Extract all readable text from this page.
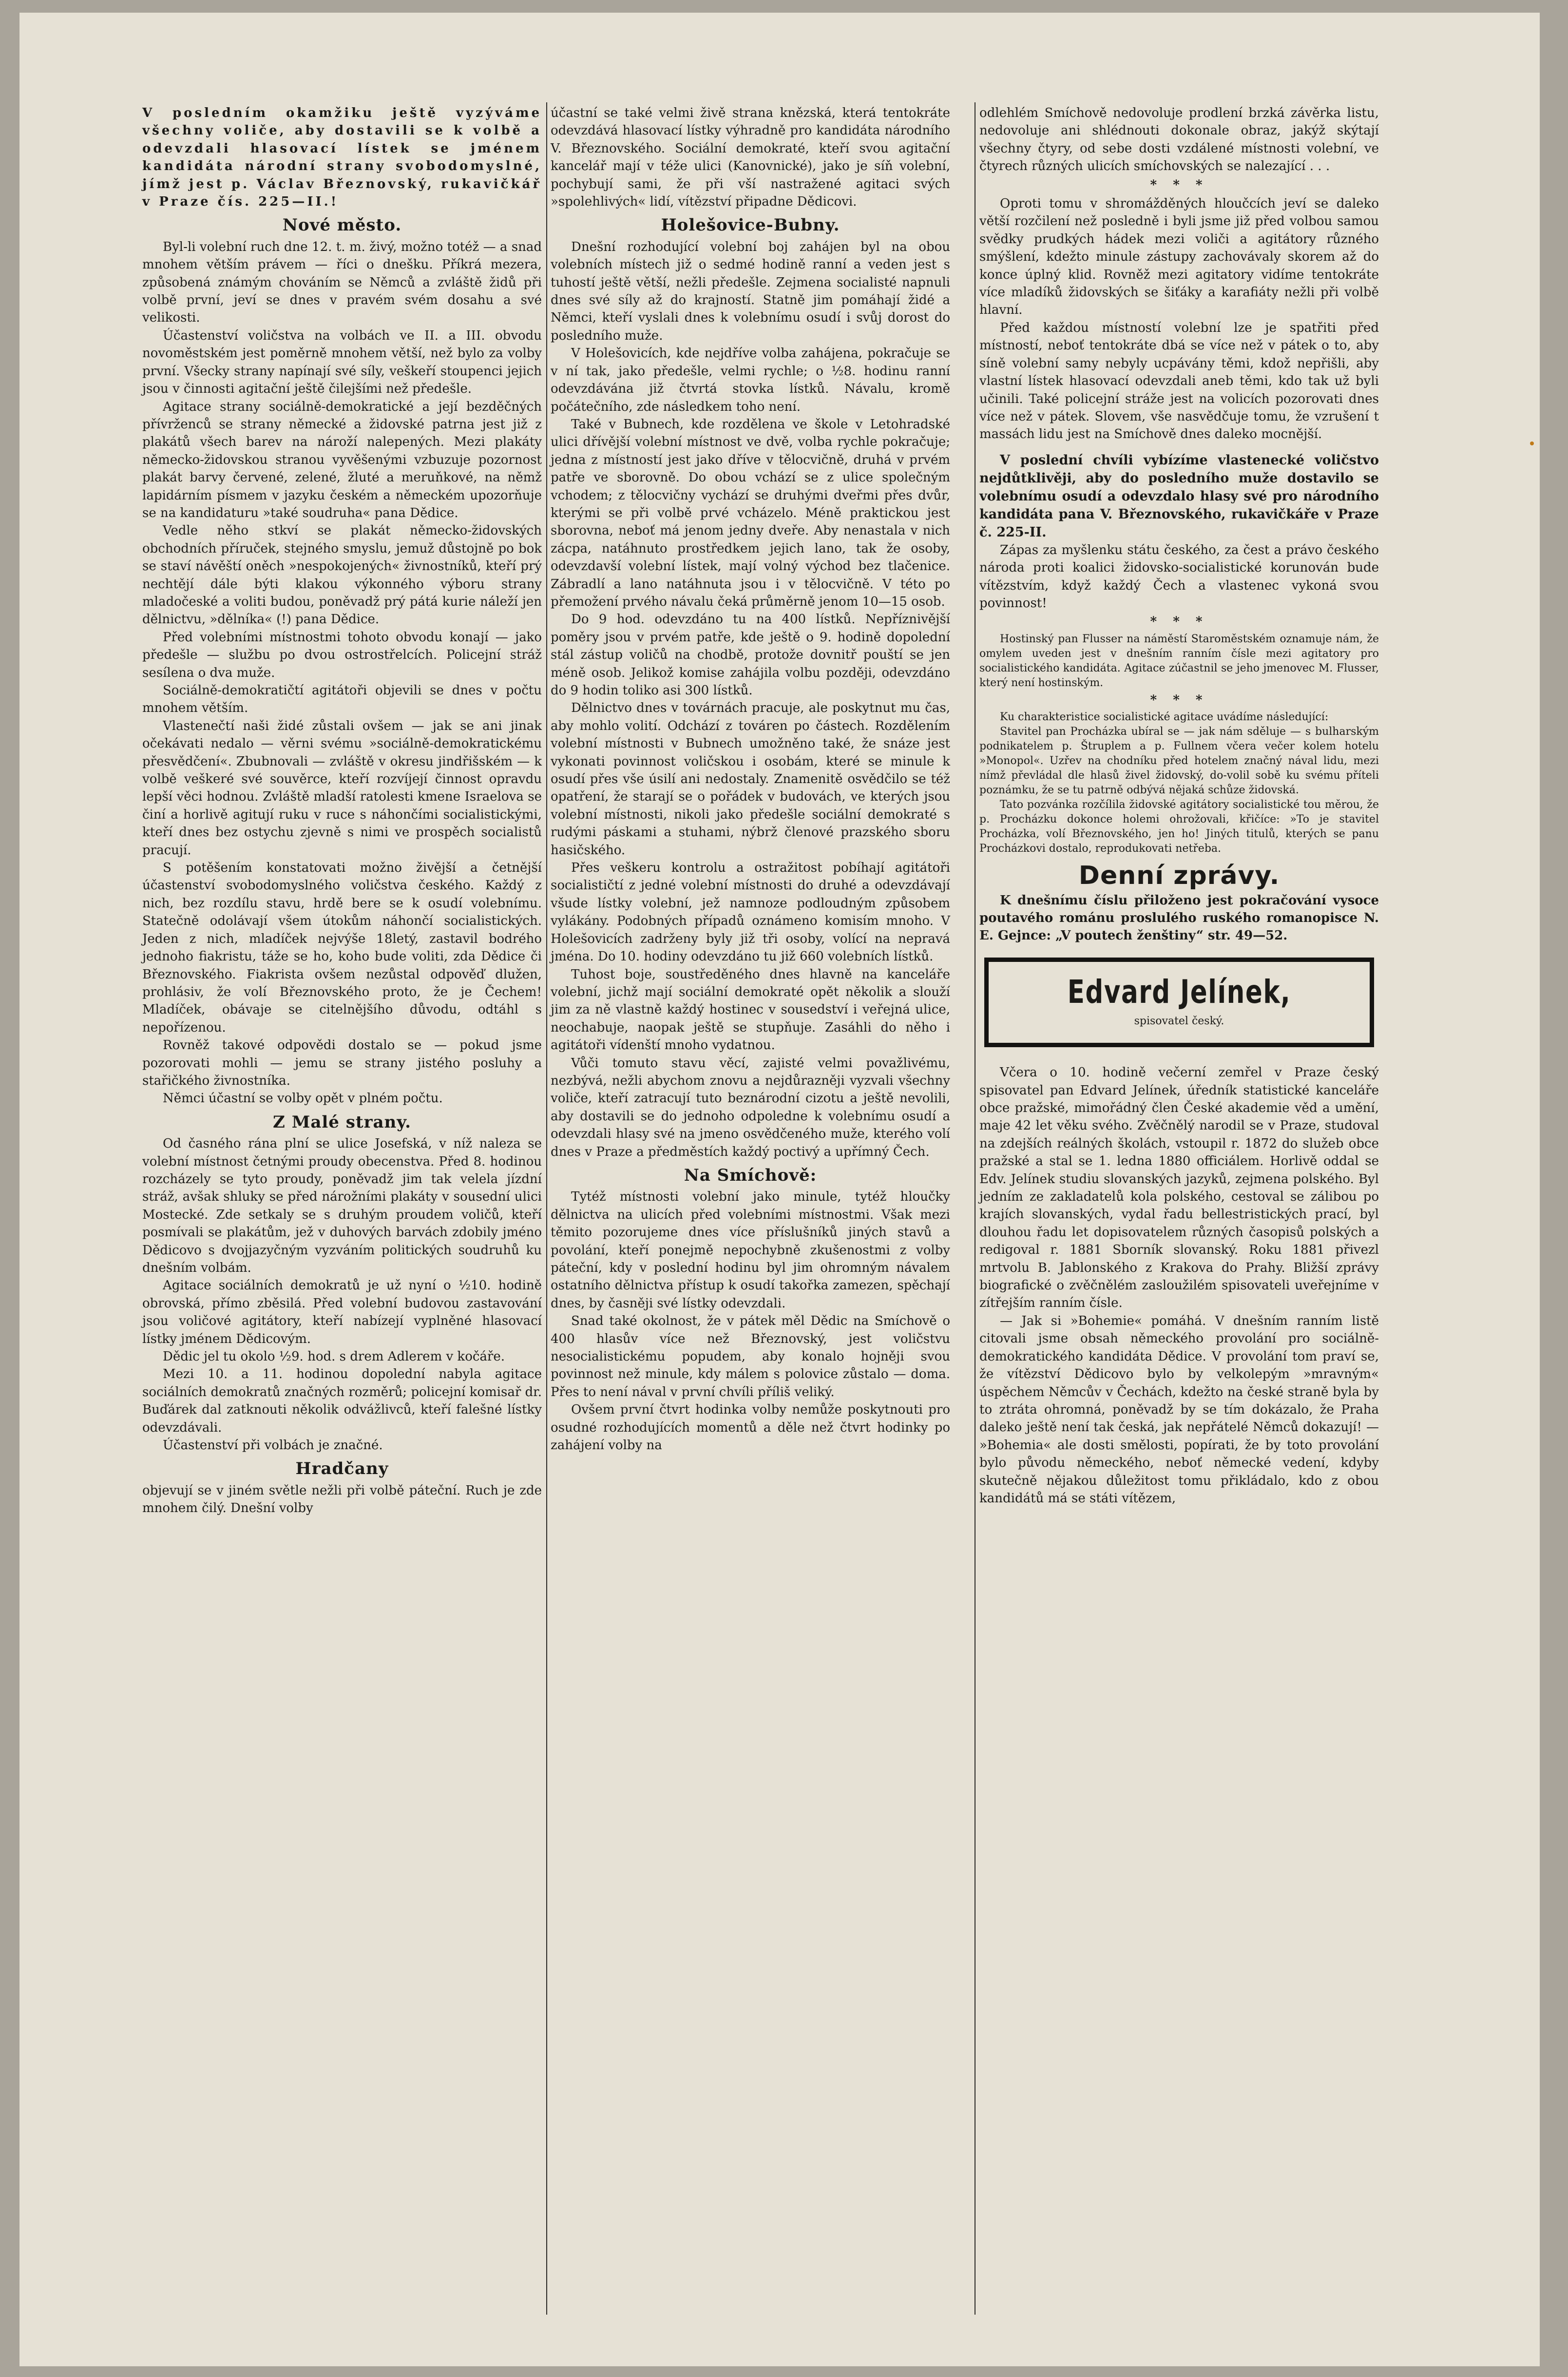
V posledním okamžiku ještě vyzýváme všechny voliče, aby dostavili se k volbě a odevzdali hlasovací lístek se jménem kandidáta národní strany svobodomyslné, jímž jest p. Václav Březnovský, rukavičkář v Praze čís. 225—II.!

Nové město.

Byl-li volební ruch dne 12. t. m. živý, možno totéž — a snad mnohem větším právem — říci o dnešku. Příkrá mezera, způsobená známým chováním se Němců a zvláště židů při volbě první, jeví se dnes v pravém svém dosahu a své velikosti.

Účastenství voličstva na volbách ve II. a III. obvodu novoměstském jest poměrně mnohem větší, než bylo za volby první. Všecky strany napínají své síly, veškeří stoupenci jejich jsou v činnosti agitační ještě čilejšími než předešle.

Agitace strany sociálně-demokratické a její bezděčných přívrženců se strany německé a židovské patrna jest již z plakátů všech barev na nároží nalepených. Mezi plakáty německo-židovskou stranou vyvěšenými vzbuzuje pozornost plakát barvy červené, zelené, žluté a meruňkové, na němž lapidárním písmem v jazyku českém a německém upozorňuje se na kandidaturu »také soudruha« pana Dědice.

Vedle něho stkví se plakát německo-židovských obchodních příruček, stejného smyslu, jemuž důstojně po bok se staví návěští oněch »nespokojených« živnostníků, kteří prý nechtějí dále býti klakou výkonného výboru strany mladočeské a voliti budou, poněvadž prý pátá kurie náleží jen dělnictvu, »dělníka« (!) pana Dědice.

Před volebními místnostmi tohoto obvodu konají — jako předešle — službu po dvou ostrostřelcích. Policejní stráž sesílena o dva muže.

Sociálně-demokratičtí agitátoři objevili se dnes v počtu mnohem větším.

Vlastenečtí naši židé zůstali ovšem — jak se ani jinak očekávati nedalo — věrni svému »sociálně-demokratickému přesvědčení«. Zbubnovali — zvláště v okresu jindřišském — k volbě veškeré své souvěrce, kteří rozvíjejí činnost opravdu lepší věci hodnou. Zvláště mladší ratolesti kmene Israelova se činí a horlivě agitují ruku v ruce s náhončími socialistickými, kteří dnes bez ostychu zjevně s nimi ve prospěch socialistů pracují.

S potěšením konstatovati možno živější a četnější účastenství svobodomyslného voličstva českého. Každý z nich, bez rozdílu stavu, hrdě bere se k osudí volebnímu. Statečně odolávají všem útokům náhončí socialistických. Jeden z nich, mladíček nejvýše 18letý, zastavil bodrého jednoho fiakristu, táže se ho, koho bude voliti, zda Dědice či Březnovského. Fiakrista ovšem nezůstal odpověď dlužen, prohlásiv, že volí Březnovského proto, že je Čechem! Mladíček, obávaje se citelnějšího důvodu, odtáhl s nepořízenou.

Rovněž takové odpovědi dostalo se — pokud jsme pozorovati mohli — jemu se strany jistého posluhy a stařičkého živnostníka.

Němci účastní se volby opět v plném počtu.

Z Malé strany.

Od časného rána plní se ulice Josefská, v níž naleza se volební místnost četnými proudy obecenstva. Před 8. hodinou rozcházely se tyto proudy, poněvadž jim tak velela jízdní stráž, avšak shluky se před nárožními plakáty v sousední ulici Mostecké. Zde setkaly se s druhým proudem voličů, kteří posmívali se plakátům, jež v duhových barvách zdobily jméno Dědicovo s dvojjazyčným vyzváním politických soudruhů ku dnešním volbám.

Agitace sociálních demokratů je už nyní o ½10. hodině obrovská, přímo zběsilá. Před volební budovou zastavování jsou voličové agitátory, kteří nabízejí vyplněné hlasovací lístky jménem Dědicovým.

Dědic jel tu okolo ½9. hod. s drem Adlerem v kočáře.

Mezi 10. a 11. hodinou dopolední nabyla agitace sociálních demokratů značných rozměrů; policejní komisař dr. Buďárek dal zatknouti několik odvážlivců, kteří falešné lístky odevzdávali.

Účastenství při volbách je značné.

Hradčany

objevují se v jiném světle nežli při volbě páteční. Ruch je zde mnohem čilý. Dnešní volby

účastní se také velmi živě strana knězská, která tentokráte odevzdává hlasovací lístky výhradně pro kandidáta národního V. Březnovského. Sociální demokraté, kteří svou agitační kancelář mají v téže ulici (Kanovnické), jako je síň volební, pochybují sami, že při vší nastražené agitaci svých »spolehlivých« lidí, vítězství připadne Dědicovi.

Holešovice-Bubny.

Dnešní rozhodující volební boj zahájen byl na obou volebních místech již o sedmé hodině ranní a veden jest s tuhostí ještě větší, nežli předešle. Zejmena socialisté napnuli dnes své síly až do krajností. Statně jim pomáhají židé a Němci, kteří vyslali dnes k volebnímu osudí i svůj dorost do posledního muže.

V Holešovicích, kde nejdříve volba zahájena, pokračuje se v ní tak, jako předešle, velmi rychle; o ½8. hodinu ranní odevzdávána již čtvrtá stovka lístků. Návalu, kromě počátečního, zde následkem toho není.

Také v Bubnech, kde rozdělena ve škole v Letohradské ulici dřívější volební místnost ve dvě, volba rychle pokračuje; jedna z místností jest jako dříve v tělocvičně, druhá v prvém patře ve sborovně. Do obou vchází se z ulice společným vchodem; z tělocvičny vychází se druhými dveřmi přes dvůr, kterými se při volbě prvé vcházelo. Méně praktickou jest sborovna, neboť má jenom jedny dveře. Aby nenastala v nich zácpa, natáhnuto prostředkem jejich lano, tak že osoby, odevzdavší volební lístek, mají volný východ bez tlačenice. Zábradlí a lano natáhnuta jsou i v tělocvičně. V této po přemožení prvého návalu čeká průměrně jenom 10—15 osob.

Do 9 hod. odevzdáno tu na 400 lístků. Nepříznivější poměry jsou v prvém patře, kde ještě o 9. hodině dopolední stál zástup voličů na chodbě, protože dovnitř pouští se jen méně osob. Jelikož komise zahájila volbu později, odevzdáno do 9 hodin toliko asi 300 lístků.

Dělnictvo dnes v továrnách pracuje, ale poskytnut mu čas, aby mohlo volití. Odchází z továren po částech. Rozdělením volební místnosti v Bubnech umožněno také, že snáze jest vykonati povinnost voličskou i osobám, které se minule k osudí přes vše úsilí ani nedostaly. Znamenitě osvědčilo se též opatření, že starají se o pořádek v budovách, ve kterých jsou volební místnosti, nikoli jako předešle sociální demokraté s rudými páskami a stuhami, nýbrž členové prazského sboru hasičského.

Přes veškeru kontrolu a ostražitost pobíhají agitátoři socialističtí z jedné volební místnosti do druhé a odevzdávají všude lístky volební, jež namnoze podloudným způsobem vylákány. Podobných případů oznámeno komisím mnoho. V Holešovicích zadrženy byly již tři osoby, volící na nepravá jména. Do 10. hodiny odevzdáno tu již 660 volebních lístků.

Tuhost boje, soustředěného dnes hlavně na kanceláře volební, jichž mají sociální demokraté opět několik a slouží jim za ně vlastně každý hostinec v sousedství i veřejná ulice, neochabuje, naopak ještě se stupňuje. Zasáhli do něho i agitátoři vídenští mnoho vydatnou.

Vůči tomuto stavu věcí, zajisté velmi považlivému, nezbývá, nežli abychom znovu a nejdůrazněji vyzvali všechny voliče, kteří zatracují tuto beznárodní cizotu a ještě nevolili, aby dostavili se do jednoho odpoledne k volebnímu osudí a odevzdali hlasy své na jmeno osvědčeného muže, kterého volí dnes v Praze a předměstích každý poctivý a upřímný Čech.

Na Smíchově:

Tytéž místnosti volební jako minule, tytéž hloučky dělnictva na ulicích před volebními místnostmi. Však mezi těmito pozorujeme dnes více příslušníků jiných stavů a povolání, kteří ponejmě nepochybně zkušenostmi z volby páteční, kdy v poslední hodinu byl jim ohromným návalem ostatního dělnictva přístup k osudí takořka zamezen, spěchají dnes, by časněji své lístky odevzdali.

Snad také okolnost, že v pátek měl Dědic na Smíchově o 400 hlasův více než Březnovský, jest voličstvu nesocialistickému popudem, aby konalo hojněji svou povinnost než minule, kdy málem s polovice zůstalo — doma. Přes to není nával v první chvíli příliš veliký.

Ovšem první čtvrt hodinka volby nemůže poskytnouti pro osudné rozhodujících momentů a děle než čtvrt hodinky po zahájení volby na

odlehlém Smíchově nedovoluje prodlení brzká závěrka listu, nedovoluje ani shlédnouti dokonale obraz, jakýž skýtají všechny čtyry, od sebe dosti vzdálené místnosti volební, ve čtyrech různých ulicích smíchovských se nalezající . . .

* * *

Oproti tomu v shromážděných hloučcích jeví se daleko větší rozčilení než posledně i byli jsme již před volbou samou svědky prudkých hádek mezi voliči a agitátory různého smýšlení, kdežto minule zástupy zachovávaly skorem až do konce úplný klid. Rovněž mezi agitatory vidíme tentokráte více mladíků židovských se šiťáky a karafiáty nežli při volbě hlavní.

Před každou místností volební lze je spatřiti před místností, neboť tentokráte dbá se více než v pátek o to, aby síně volební samy nebyly ucpávány těmi, kdož nepřišli, aby vlastní lístek hlasovací odevzdali aneb těmi, kdo tak už byli učinili. Také policejní stráže jest na volicích pozorovati dnes více než v pátek. Slovem, vše nasvědčuje tomu, že vzrušení t massách lidu jest na Smíchově dnes daleko mocnější.

V poslední chvíli vybízíme vlastenecké voličstvo nejdůtklivěji, aby do posledního muže dostavilo se volebnímu osudí a odevzdalo hlasy své pro národního kandidáta pana V. Březnovského, rukavičkáře v Praze č. 225-II.

Zápas za myšlenku státu českého, za čest a právo českého národa proti koalici židovsko-socialistické korunován bude vítězstvím, když každý Čech a vlastenec vykoná svou povinnost!

* * *

Hostinský pan Flusser na náměstí Staroměstském oznamuje nám, že omylem uveden jest v dnešním ranním čísle mezi agitatory pro socialistického kandidáta. Agitace zúčastnil se jeho jmenovec M. Flusser, který není hostinským.

* * *

Ku charakteristice socialistické agitace uvádíme následující:

Stavitel pan Procházka ubíral se — jak nám sděluje — s bulharským podnikatelem p. Štruplem a p. Fullnem včera večer kolem hotelu »Monopol«. Uzřev na chodníku před hotelem značný nával lidu, mezi nímž převládal dle hlasů živel židovský, do-volil sobě ku svému příteli poznámku, že se tu patrně odbývá nějaká schůze židovská.

Tato pozvánka rozčílila židovské agitátory socialistické tou měrou, že p. Procházku dokonce holemi ohrožovali, křičíce: »To je stavitel Procházka, volí Březnovského, jen ho! Jiných titulů, kterých se panu Procházkovi dostalo, reprodukovati netřeba.

Denní zprávy.

K dnešnímu číslu přiloženo jest pokračování vysoce poutavého románu proslulého ruského romanopisce N. E. Gejnce: „V poutech ženštiny“ str. 49—52.

Edvard Jelínek,
spisovatel český.

Včera o 10. hodině večerní zemřel v Praze český spisovatel pan Edvard Jelínek, úředník statistické kanceláře obce pražské, mimořádný člen České akademie věd a umění, maje 42 let věku svého. Zvěčnělý narodil se v Praze, studoval na zdejších reálných školách, vstoupil r. 1872 do služeb obce pražské a stal se 1. ledna 1880 officiálem. Horlivě oddal se Edv. Jelínek studiu slovanských jazyků, zejmena polského. Byl jedním ze zakladatelů kola polského, cestoval se zálibou po krajích slovanských, vydal řadu bellestristických prací, byl dlouhou řadu let dopisovatelem různých časopisů polských a redigoval r. 1881 Sborník slovanský. Roku 1881 přivezl mrtvolu B. Jablonského z Krakova do Prahy. Bližší zprávy biografické o zvěčnělém zasloužilém spisovateli uveřejníme v zítřejším ranním čísle.

— Jak si »Bohemie« pomáhá. V dnešním ranním listě citovali jsme obsah německého provolání pro sociálně-demokratického kandidáta Dědice. V provolání tom praví se, že vítězství Dědicovo bylo by velkolepým »mravným« úspěchem Němcův v Čechách, kdežto na české straně byla by to ztráta ohromná, poněvadž by se tím dokázalo, že Praha daleko ještě není tak česká, jak nepřátelé Němců dokazují! — »Bohemia« ale dosti smělosti, popírati, že by toto provolání bylo původu německého, neboť německé vedení, kdyby skutečně nějakou důležitost tomu přikládalo, kdo z obou kandidátů má se státi vítězem,
